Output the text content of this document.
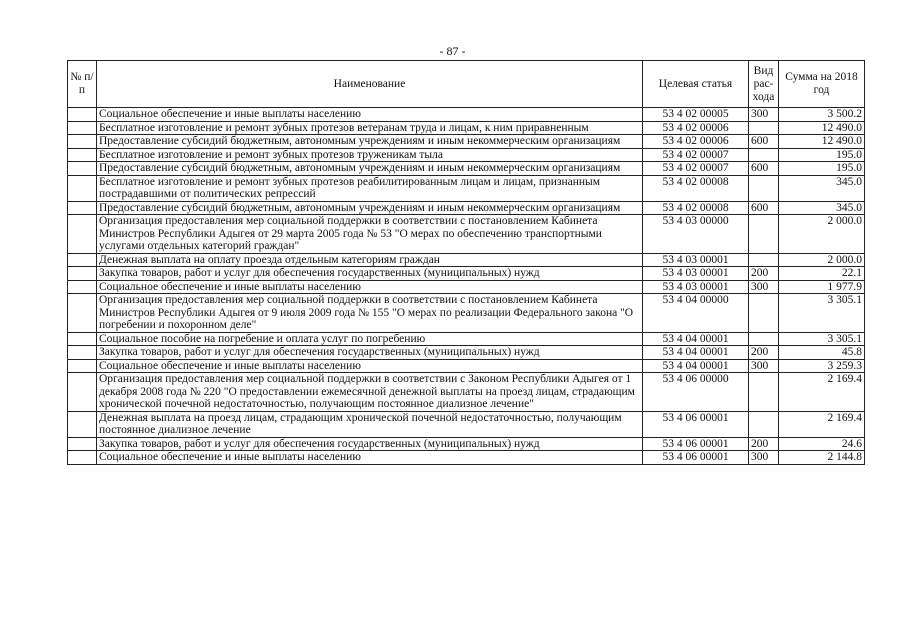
- 87 -
№ п/п	Наименование	Целевая статья	Вид рас-хода	Сумма на 2018 год
	Социальное обеспечение и иные выплаты населению	53 4 02 00005	300	3 500.2
	Бесплатное изготовление и ремонт зубных протезов ветеранам труда и лицам, к ним приравненным	53 4 02 00006		12 490.0
	Предоставление субсидий бюджетным, автономным учреждениям и иным некоммерческим организациям	53 4 02 00006	600	12 490.0
	Бесплатное изготовление и ремонт зубных протезов труженикам тыла	53 4 02 00007		195.0
	Предоставление субсидий бюджетным, автономным учреждениям и иным некоммерческим организациям	53 4 02 00007	600	195.0
	Бесплатное изготовление и ремонт зубных протезов реабилитированным лицам и лицам, признанным пострадавшими от политических репрессий	53 4 02 00008		345.0
	Предоставление субсидий бюджетным, автономным учреждениям и иным некоммерческим организациям	53 4 02 00008	600	345.0
	Организация предоставления мер социальной поддержки в соответствии с постановлением Кабинета Министров Республики Адыгея от 29 марта 2005 года № 53 "О мерах по обеспечению транспортными услугами отдельных категорий граждан"	53 4 03 00000		2 000.0
	Денежная выплата на оплату проезда отдельным категориям граждан	53 4 03 00001		2 000.0
	Закупка товаров, работ и услуг для обеспечения государственных (муниципальных) нужд	53 4 03 00001	200	22.1
	Социальное обеспечение и иные выплаты населению	53 4 03 00001	300	1 977.9
	Организация предоставления мер социальной поддержки в соответствии с постановлением Кабинета Министров Республики Адыгея от 9 июля 2009 года № 155 "О мерах по реализации Федерального закона "О погребении и похоронном деле"	53 4 04 00000		3 305.1
	Социальное пособие на погребение и оплата услуг по погребению	53 4 04 00001		3 305.1
	Закупка товаров, работ и услуг для обеспечения государственных (муниципальных) нужд	53 4 04 00001	200	45.8
	Социальное обеспечение и иные выплаты населению	53 4 04 00001	300	3 259.3
	Организация предоставления мер социальной поддержки в соответствии с Законом Республики Адыгея от 1 декабря 2008 года № 220 "О предоставлении ежемесячной денежной выплаты на проезд лицам, страдающим хронической почечной недостаточностью, получающим постоянное диализное лечение"	53 4 06 00000		2 169.4
	Денежная выплата на проезд лицам, страдающим хронической почечной недостаточностью, получающим постоянное диализное лечение	53 4 06 00001		2 169.4
	Закупка товаров, работ и услуг для обеспечения государственных (муниципальных) нужд	53 4 06 00001	200	24.6
	Социальное обеспечение и иные выплаты населению	53 4 06 00001	300	2 144.8
